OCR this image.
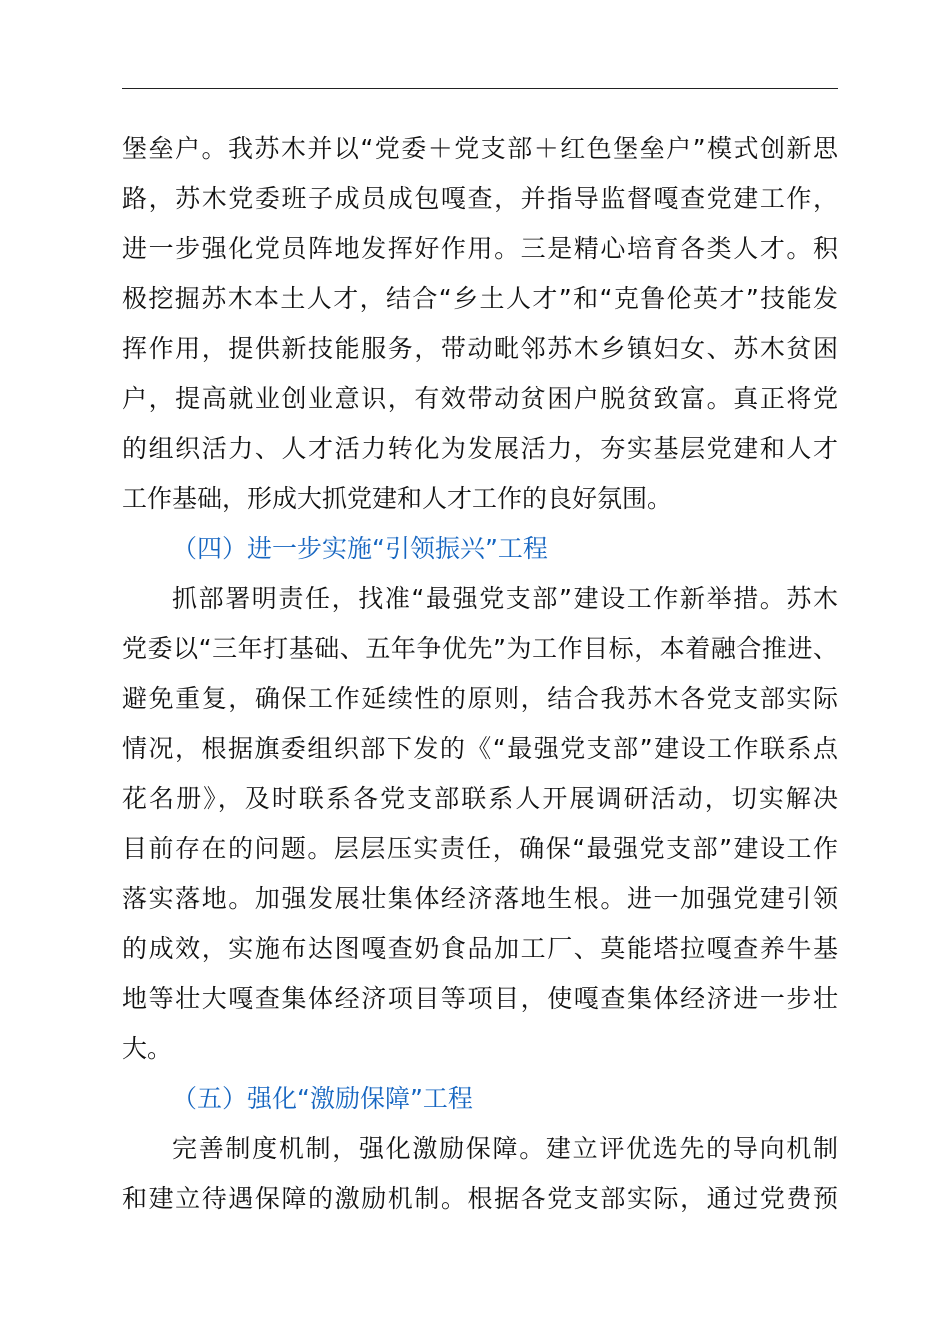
堡垒户。我苏木并以“党委＋党支部＋红色堡垒户”模式创新思
路，苏木党委班子成员成包嘎查，并指导监督嘎查党建工作，
进一步强化党员阵地发挥好作用。三是精心培育各类人才。积
极挖掘苏木本土人才，结合“乡土人才”和“克鲁伦英才”技能发
挥作用，提供新技能服务，带动毗邻苏木乡镇妇女、苏木贫困
户，提高就业创业意识，有效带动贫困户脱贫致富。真正将党
的组织活力、人才活力转化为发展活力，夯实基层党建和人才
工作基础，形成大抓党建和人才工作的良好氛围。
（四）进一步实施“引领振兴”工程
抓部署明责任，找准“最强党支部”建设工作新举措。苏木
党委以“三年打基础、五年争优先”为工作目标，本着融合推进、
避免重复，确保工作延续性的原则，结合我苏木各党支部实际
情况，根据旗委组织部下发的《“最强党支部”建设工作联系点
花名册》，及时联系各党支部联系人开展调研活动，切实解决
目前存在的问题。层层压实责任，确保“最强党支部”建设工作
落实落地。加强发展壮集体经济落地生根。进一加强党建引领
的成效，实施布达图嘎查奶食品加工厂、莫能塔拉嘎查养牛基
地等壮大嘎查集体经济项目等项目，使嘎查集体经济进一步壮
大。
（五）强化“激励保障”工程
完善制度机制，强化激励保障。建立评优选先的导向机制
和建立待遇保障的激励机制。根据各党支部实际，通过党费预
